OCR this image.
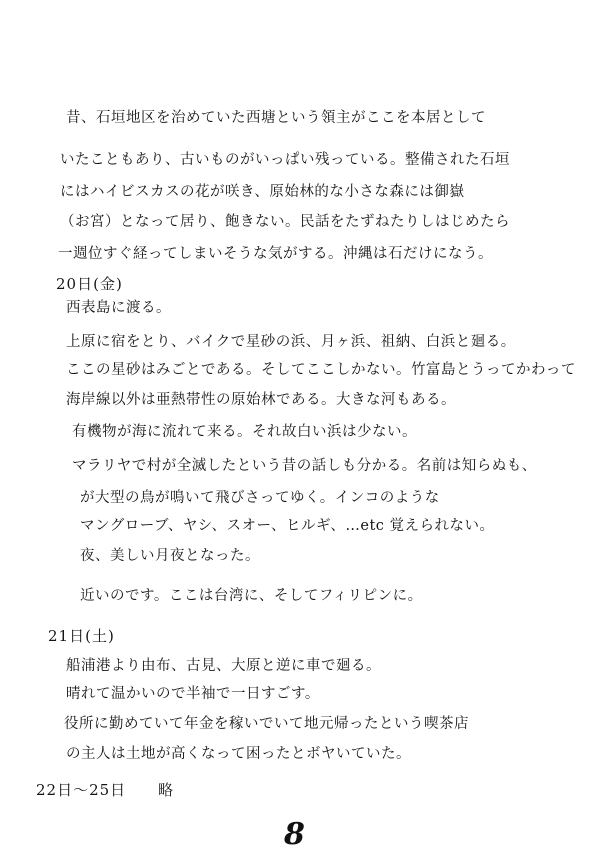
昔、石垣地区を治めていた西塘という領主がここを本居として
いたこともあり、古いものがいっぱい残っている。整備された石垣
にはハイビスカスの花が咲き、原始林的な小さな森には御嶽
（お宮）となって居り、飽きない。民話をたずねたりしはじめたら
一週位すぐ経ってしまいそうな気がする。沖縄は石だけになう。
20日(金)
西表島に渡る。
上原に宿をとり、バイクで星砂の浜、月ヶ浜、祖納、白浜と廻る。
ここの星砂はみごとである。そしてここしかない。竹富島とうってかわって
海岸線以外は亜熱帯性の原始林である。大きな河もある。
有機物が海に流れて来る。それ故白い浜は少ない。
マラリヤで村が全滅したという昔の話しも分かる。名前は知らぬも、
が大型の鳥が鳴いて飛びさってゆく。インコのような
マングローブ、ヤシ、スオー、ヒルギ、…etc 覚えられない。
夜、美しい月夜となった。
近いのです。ここは台湾に、そしてフィリピンに。
21日(土)
船浦港より由布、古見、大原と逆に車で廻る。
晴れて温かいので半袖で一日すごす。
役所に勤めていて年金を稼いでいて地元帰ったという喫茶店
の主人は土地が高くなって困ったとボヤいていた。
22日～25日　　略
8
